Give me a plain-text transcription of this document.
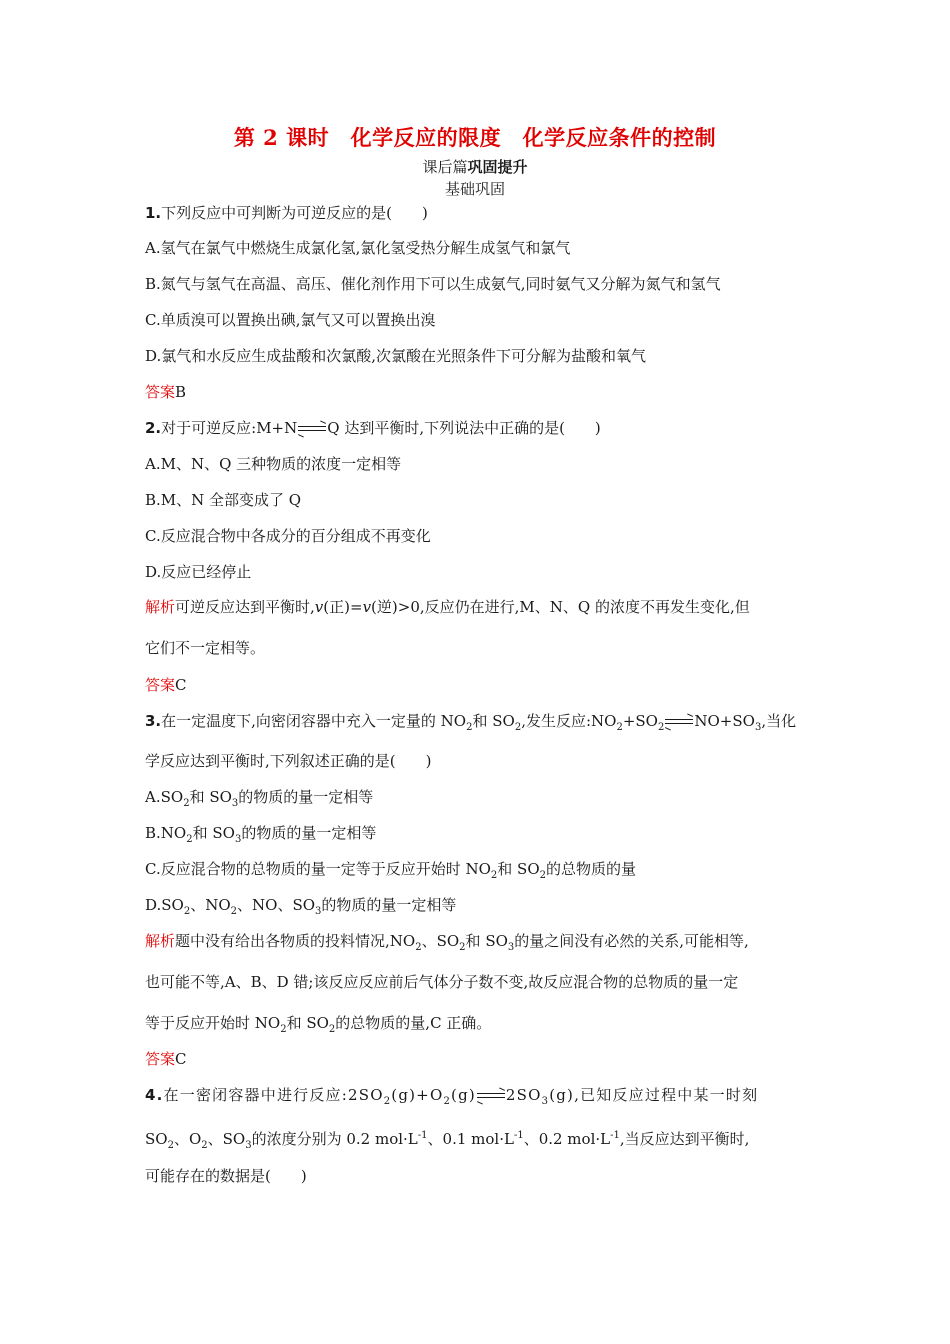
第 2 课时　化学反应的限度　化学反应条件的控制
课后篇巩固提升
基础巩固
1.下列反应中可判断为可逆反应的是(　　)
A.氢气在氯气中燃烧生成氯化氢,氯化氢受热分解生成氢气和氯气
B.氮气与氢气在高温、高压、催化剂作用下可以生成氨气,同时氨气又分解为氮气和氢气
C.单质溴可以置换出碘,氯气又可以置换出溴
D.氯气和水反应生成盐酸和次氯酸,次氯酸在光照条件下可分解为盐酸和氧气
答案B
2.对于可逆反应:M+N→Q 达到平衡时,下列说法中正确的是(　　)
A.M、N、Q 三种物质的浓度一定相等
B.M、N 全部变成了 Q
C.反应混合物中各成分的百分组成不再变化
D.反应已经停止
解析可逆反应达到平衡时,v(正)=v(逆)>0,反应仍在进行,M、N、Q 的浓度不再发生变化,但
它们不一定相等。
答案C
3.在一定温度下,向密闭容器中充入一定量的 $NO_2$和 $SO_2$,发生反应$:NO_2+SO_2\to NO+SO_3$,当化
学反应达到平衡时,下列叙述正确的是(　　)
$A.SO_2$和 $SO_3$的物质的量一定相等
$B.NO_2$和 $SO_3$的物质的量一定相等
C.反应混合物的总物质的量一定等于反应开始时 $NO_2$和 $SO_2$的总物质的量
$D.SO_2$、$NO_2$、NO、$SO_3$的物质的量一定相等
解析题中没有给出各物质的投料情况$,NO_2$、$SO_2$和 $SO_3$的量之间没有必然的关系,可能相等,
也可能不等,A、B、D 错;该反应反应前后气体分子数不变,故反应混合物的总物质的量一定
等于反应开始时 $NO_2$和 $SO_2$的总物质的量,C 正确。
答案C
4.在一密闭容器中进行反应$:2SO_2(g)+O_2(g)\to 2SO_3(g)$,已知反应过程中某一时刻
$SO_2$、$O_2$、$SO_3$的浓度分别为 0.2 $mol\cdot L^{-1}$、0.1 $mol\cdot L^{-1}$、0.2 $mol\cdot L^{-1}$,当反应达到平衡时,
可能存在的数据是(　　)
